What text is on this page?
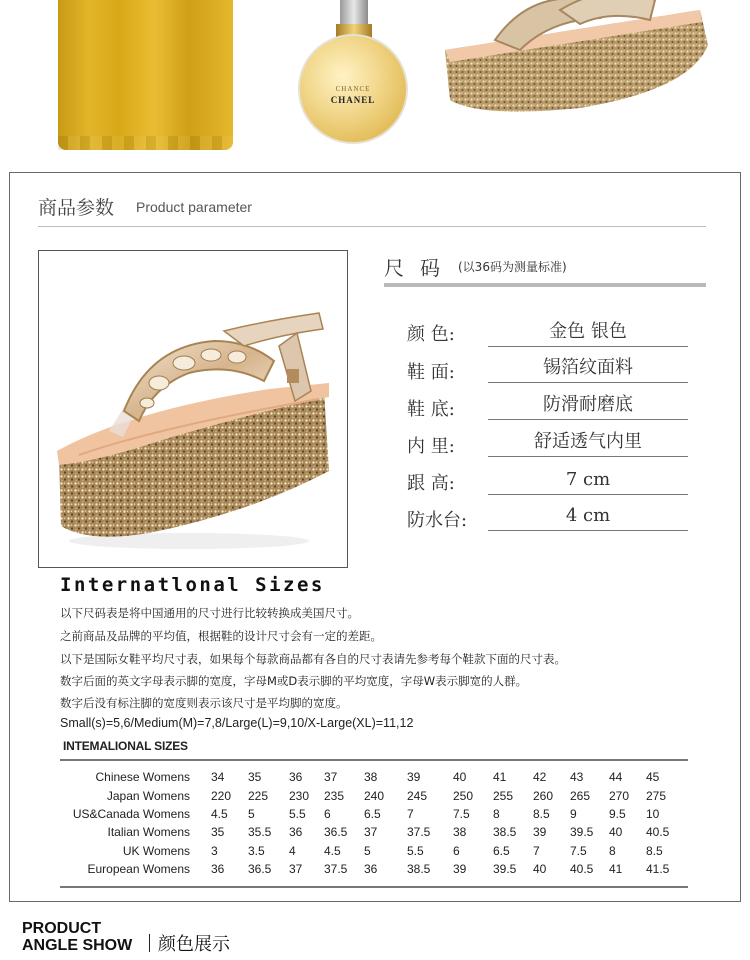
CHANCE
CHANEL
商品参数 Product parameter
尺码 (以36码为测量标准)
颜 色:	金色 银色
鞋 面:	锡箔纹面料
鞋 底:	防滑耐磨底
内 里:	舒适透气内里
跟 高:	7 cm
防水台:	4 cm
Internatlonal Sizes
以下尺码表是将中国通用的尺寸进行比较转换成美国尺寸。
之前商品及品牌的平均值，根据鞋的设计尺寸会有一定的差距。
以下是国际女鞋平均尺寸表，如果每个每款商品都有各自的尺寸表请先参考每个鞋款下面的尺寸表。
数字后面的英文字母表示脚的宽度，字母M或D表示脚的平均宽度，字母W表示脚宽的人群。
数字后没有标注脚的宽度则表示该尺寸是平均脚的宽度。
Small(s)=5,6/Medium(M)=7,8/Large(L)=9,10/X-Large(XL)=11,12
INTEMALIONAL SIZES
Chinese Womens 34	35	36	37	38	39	40	41	42	43	44	45
Japan Womens 220	225	230	235	240	245	250	255	260	265	270	275
US&Canada Womens 4.5	5	5.5	6	6.5	7	7.5	8	8.5	9	9.5	10
Italian Womens 35	35.5	36	36.5	37	37.5	38	38.5	39	39.5	40	40.5
UK Womens 3	3.5	4	4.5	5	5.5	6	6.5	7	7.5	8	8.5
European Womens 36	36.5	37	37.5	36	38.5	39	39.5	40	40.5	41	41.5
PRODUCT
ANGLE SHOW 颜色展示
